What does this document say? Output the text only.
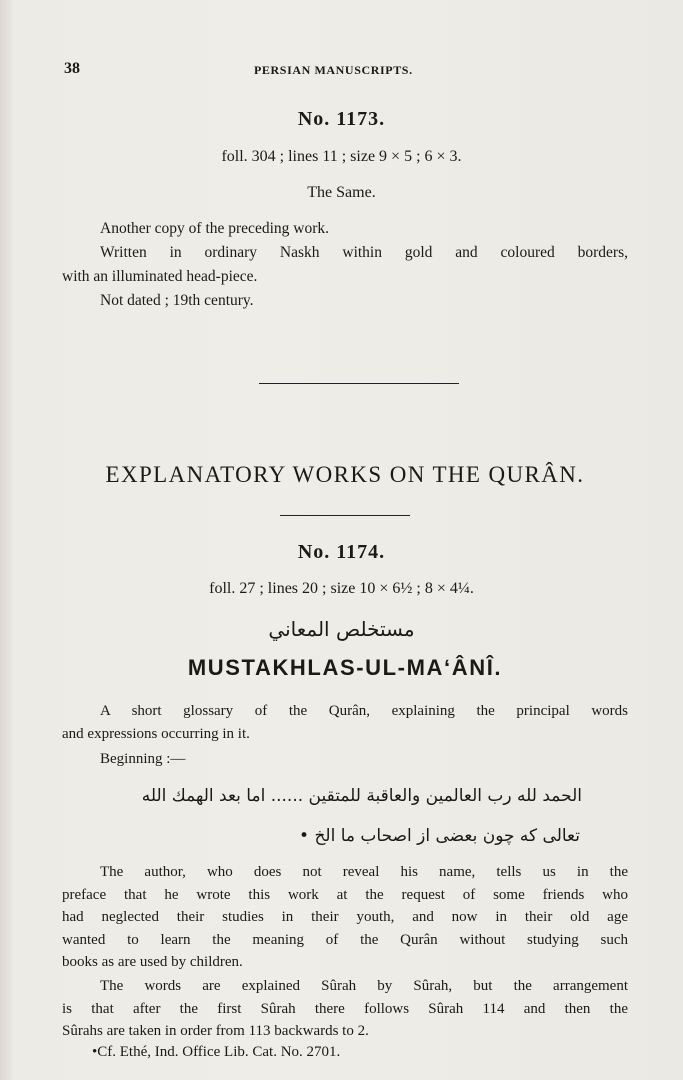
38	PERSIAN MANUSCRIPTS.
No. 1173.
foll. 304 ; lines 11 ; size 9 × 5 ; 6 × 3.
The Same.
Another copy of the preceding work.
Written in ordinary Naskh within gold and coloured borders,
with an illuminated head-piece.
Not dated ; 19th century.
EXPLANATORY WORKS ON THE QURÂN.
No. 1174.
foll. 27 ; lines 20 ; size 10 × 6½ ; 8 × 4¼.
مستخلص المعاني
MUSTAKHLAS-UL-MAʻÂNÎ.
A short glossary of the Qurân, explaining the principal words
and expressions occurring in it.
Beginning :—
الحمد لله رب العالمين والعاقبة للمتقين ...... اما بعد الهمك الله
تعالی که چون بعضی از اصحاب ما الخ •
The author, who does not reveal his name, tells us in the
preface that he wrote this work at the request of some friends who
had neglected their studies in their youth, and now in their old age
wanted to learn the meaning of the Qurân without studying such
books as are used by children.
The words are explained Sûrah by Sûrah, but the arrangement
is that after the first Sûrah there follows Sûrah 114 and then the
Sûrahs are taken in order from 113 backwards to 2.
•Cf. Ethé, Ind. Office Lib. Cat. No. 2701.
